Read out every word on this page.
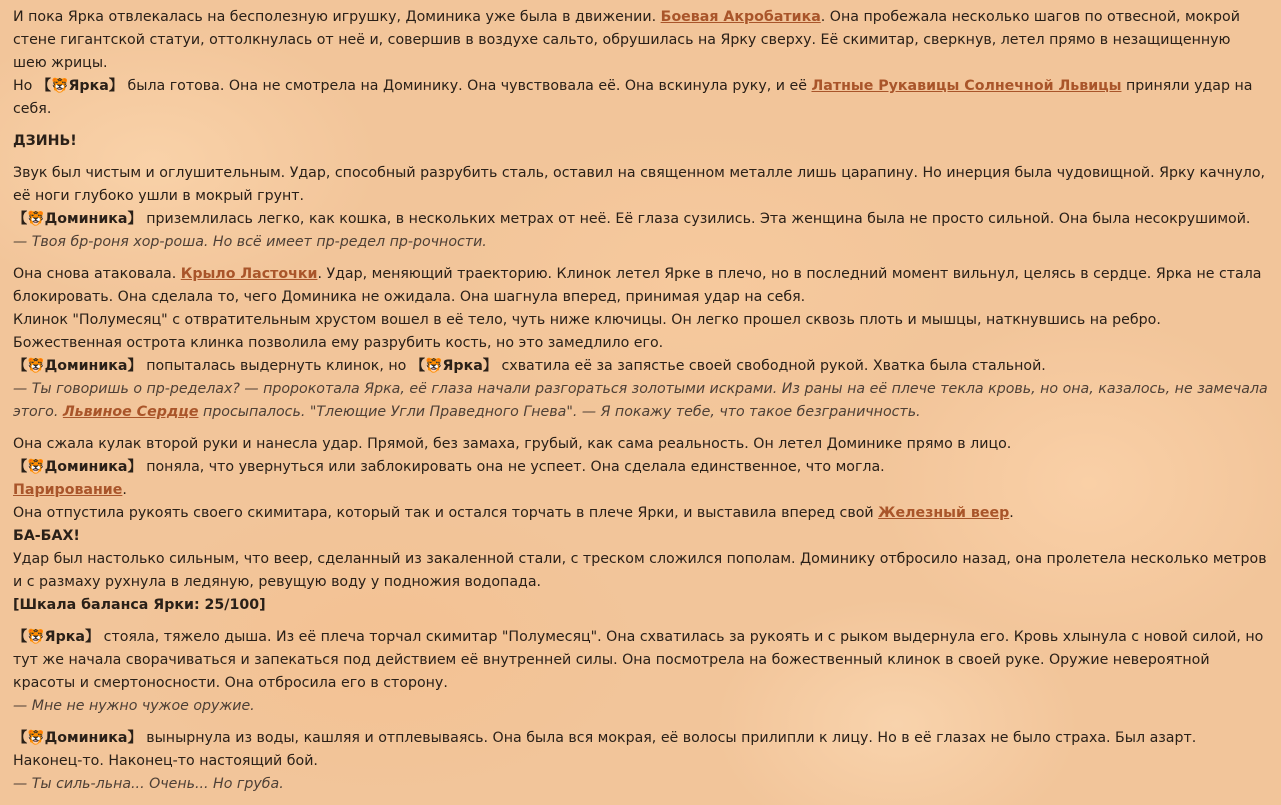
И пока Ярка отвлекалась на бесполезную игрушку, Доминика уже была в движении. Боевая Акробатика. Она пробежала несколько шагов по отвесной, мокрой стене гигантской статуи, оттолкнулась от неё и, совершив в воздухе сальто, обрушилась на Ярку сверху. Её скимитар, сверкнув, летел прямо в незащищенную шею жрицы.
Но 【🐯Ярка】 была готова. Она не смотрела на Доминику. Она чувствовала её. Она вскинула руку, и её Латные Рукавицы Солнечной Львицы приняли удар на себя.
ДЗИНЬ!
Звук был чистым и оглушительным. Удар, способный разрубить сталь, оставил на священном металле лишь царапину. Но инерция была чудовищной. Ярку качнуло, её ноги глубоко ушли в мокрый грунт.
【🐯Доминика】 приземлилась легко, как кошка, в нескольких метрах от неё. Её глаза сузились. Эта женщина была не просто сильной. Она была несокрушимой.
— Твоя бр-роня хор-роша. Но всё имеет пр-редел пр-рочности.
Она снова атаковала. Крыло Ласточки. Удар, меняющий траекторию. Клинок летел Ярке в плечо, но в последний момент вильнул, целясь в сердце. Ярка не стала блокировать. Она сделала то, чего Доминика не ожидала. Она шагнула вперед, принимая удар на себя.
Клинок "Полумесяц" с отвратительным хрустом вошел в её тело, чуть ниже ключицы. Он легко прошел сквозь плоть и мышцы, наткнувшись на ребро. Божественная острота клинка позволила ему разрубить кость, но это замедлило его.
【🐯Доминика】 попыталась выдернуть клинок, но 【🐯Ярка】 схватила её за запястье своей свободной рукой. Хватка была стальной.
— Ты говоришь о пр-ределах? — пророкотала Ярка, её глаза начали разгораться золотыми искрами. Из раны на её плече текла кровь, но она, казалось, не замечала этого. Львиное Сердце просыпалось. "Тлеющие Угли Праведного Гнева". — Я покажу тебе, что такое безграничность.
Она сжала кулак второй руки и нанесла удар. Прямой, без замаха, грубый, как сама реальность. Он летел Доминике прямо в лицо.
【🐯Доминика】 поняла, что увернуться или заблокировать она не успеет. Она сделала единственное, что могла.
Парирование.
Она отпустила рукоять своего скимитара, который так и остался торчать в плече Ярки, и выставила вперед свой Железный веер.
БА-БАХ!
Удар был настолько сильным, что веер, сделанный из закаленной стали, с треском сложился пополам. Доминику отбросило назад, она пролетела несколько метров и с размаху рухнула в ледяную, ревущую воду у подножия водопада.
[Шкала баланса Ярки: 25/100]
【🐯Ярка】 стояла, тяжело дыша. Из её плеча торчал скимитар "Полумесяц". Она схватилась за рукоять и с рыком выдернула его. Кровь хлынула с новой силой, но тут же начала сворачиваться и запекаться под действием её внутренней силы. Она посмотрела на божественный клинок в своей руке. Оружие невероятной красоты и смертоносности. Она отбросила его в сторону.
— Мне не нужно чужое оружие.
【🐯Доминика】 вынырнула из воды, кашляя и отплевываясь. Она была вся мокрая, её волосы прилипли к лицу. Но в её глазах не было страха. Был азарт. Наконец-то. Наконец-то настоящий бой.
— Ты силь-льна... Очень... Но груба.
